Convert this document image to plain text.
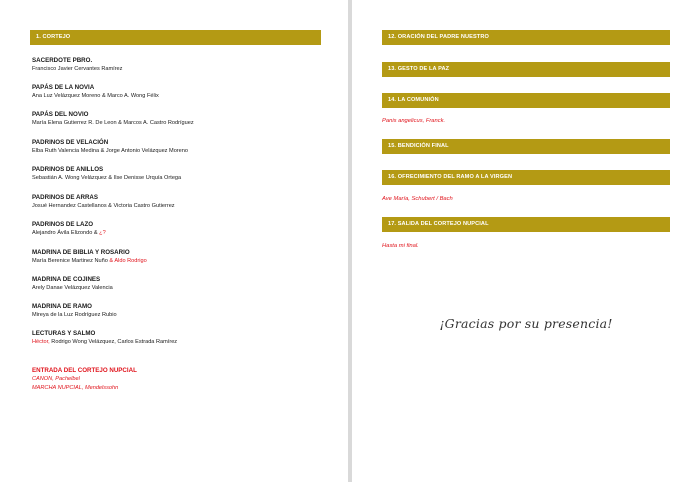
1. CORTEJO
SACERDOTE PBRO.
Francisco Javier Cervantes Ramírez
PAPÁS DE LA NOVIA
Ana Luz Velázquez Moreno & Marco A. Wong Félix
PAPÁS DEL NOVIO
María Elena Gutierrez R. De Leon & Marcos A. Castro Rodríguez
PADRINOS DE VELACIÓN
Elba Ruth Valencia Medina & Jorge Antonio Velázquez Moreno
PADRINOS DE ANILLOS
Sebastián A. Wong Velázquez & Ilse Denisse Urquía Ortega
PADRINOS DE ARRAS
Josué Hernandez Castellanos & Victoria Castro Gutierrez
PADRINOS DE LAZO
Alejandro Ávila Elizondo & ¿?
MADRINA DE BIBLIA Y ROSARIO
María Berenice Martinez Nuño & Aldo Rodrigo
MADRINA DE COJINES
Arely Danae Velázquez Valencia
MADRINA DE RAMO
Mireya de la Luz Rodríguez Rubio
LECTURAS Y SALMO
Héctor, Rodrigo Wong Velázquez, Carlos Estrada Ramírez
ENTRADA DEL CORTEJO NUPCIAL
CANON, Pachelbel
MARCHA NUPCIAL, Mendelssohn
12. ORACIÓN DEL PADRE NUESTRO
13. GESTO DE LA PAZ
14. LA COMUNIÓN
Panis angelicus, Franck.
15. BENDICIÓN FINAL
16. OFRECIMIENTO DEL RAMO A LA VIRGEN
Ave María, Schubert / Bach
17. SALIDA DEL CORTEJO NUPCIAL
Hasta mi final.
¡Gracias por su presencia!
